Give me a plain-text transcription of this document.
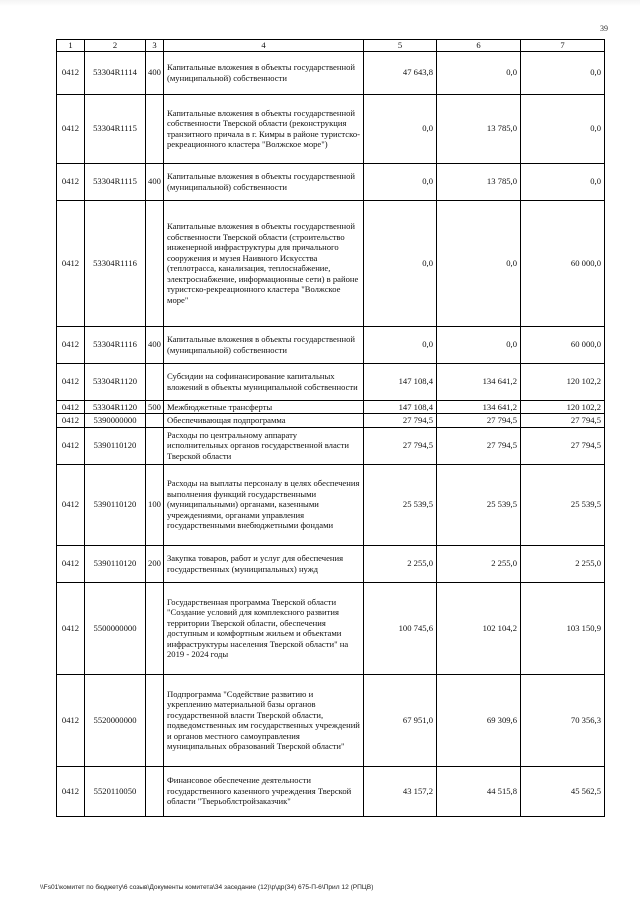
39
1	2	3	4	5	6	7
0412	53304R1114	400	Капитальные вложения в объекты государственной (муниципальной) собственности	47 643,8	0,0	0,0
0412	53304R1115		Капитальные вложения в объекты государственной собственности Тверской области (реконструкция транзитного причала в г. Кимры в районе туристско-рекреационного кластера "Волжское море")	0,0	13 785,0	0,0
0412	53304R1115	400	Капитальные вложения в объекты государственной (муниципальной) собственности	0,0	13 785,0	0,0
0412	53304R1116		Капитальные вложения в объекты государственной собственности Тверской области (строительство инженерной инфраструктуры для причального сооружения и музея Наивного Искусства (теплотрасса, канализация, теплоснабжение, электроснабжение, информационные сети) в районе туристско-рекреационного кластера "Волжское море"	0,0	0,0	60 000,0
0412	53304R1116	400	Капитальные вложения в объекты государственной (муниципальной) собственности	0,0	0,0	60 000,0
0412	53304R1120		Субсидии на софинансирование капитальных вложений в объекты муниципальной собственности	147 108,4	134 641,2	120 102,2
0412	53304R1120	500	Межбюджетные трансферты	147 108,4	134 641,2	120 102,2
0412	5390000000		Обеспечивающая подпрограмма	27 794,5	27 794,5	27 794,5
0412	5390110120		Расходы по центральному аппарату исполнительных органов государственной власти Тверской области	27 794,5	27 794,5	27 794,5
0412	5390110120	100	Расходы на выплаты персоналу в целях обеспечения выполнения функций государственными (муниципальными) органами, казенными учреждениями, органами управления государственными внебюджетными фондами	25 539,5	25 539,5	25 539,5
0412	5390110120	200	Закупка товаров, работ и услуг для обеспечения государственных (муниципальных) нужд	2 255,0	2 255,0	2 255,0
0412	5500000000		Государственная программа Тверской области "Создание условий для комплексного развития территории Тверской области, обеспечения доступным и комфортным жильем и объектами инфраструктуры населения Тверской области" на 2019 - 2024 годы	100 745,6	102 104,2	103 150,9
0412	5520000000		Подпрограмма "Содействие развитию и укреплению материальной базы органов государственной власти Тверской области, подведомственных им государственных учреждений и органов местного самоуправления муниципальных образований Тверской области"	67 951,0	69 309,6	70 356,3
0412	5520110050		Финансовое обеспечение деятельности государственного казенного учреждения Тверской области "Тверьоблстройзаказчик"	43 157,2	44 515,8	45 562,5
\\Fs01\комитет по бюджету\6 созыв\Документы комитета\34 заседание (12)\р\др(34) 675-П-6\Прил 12 (РПЦВ)
